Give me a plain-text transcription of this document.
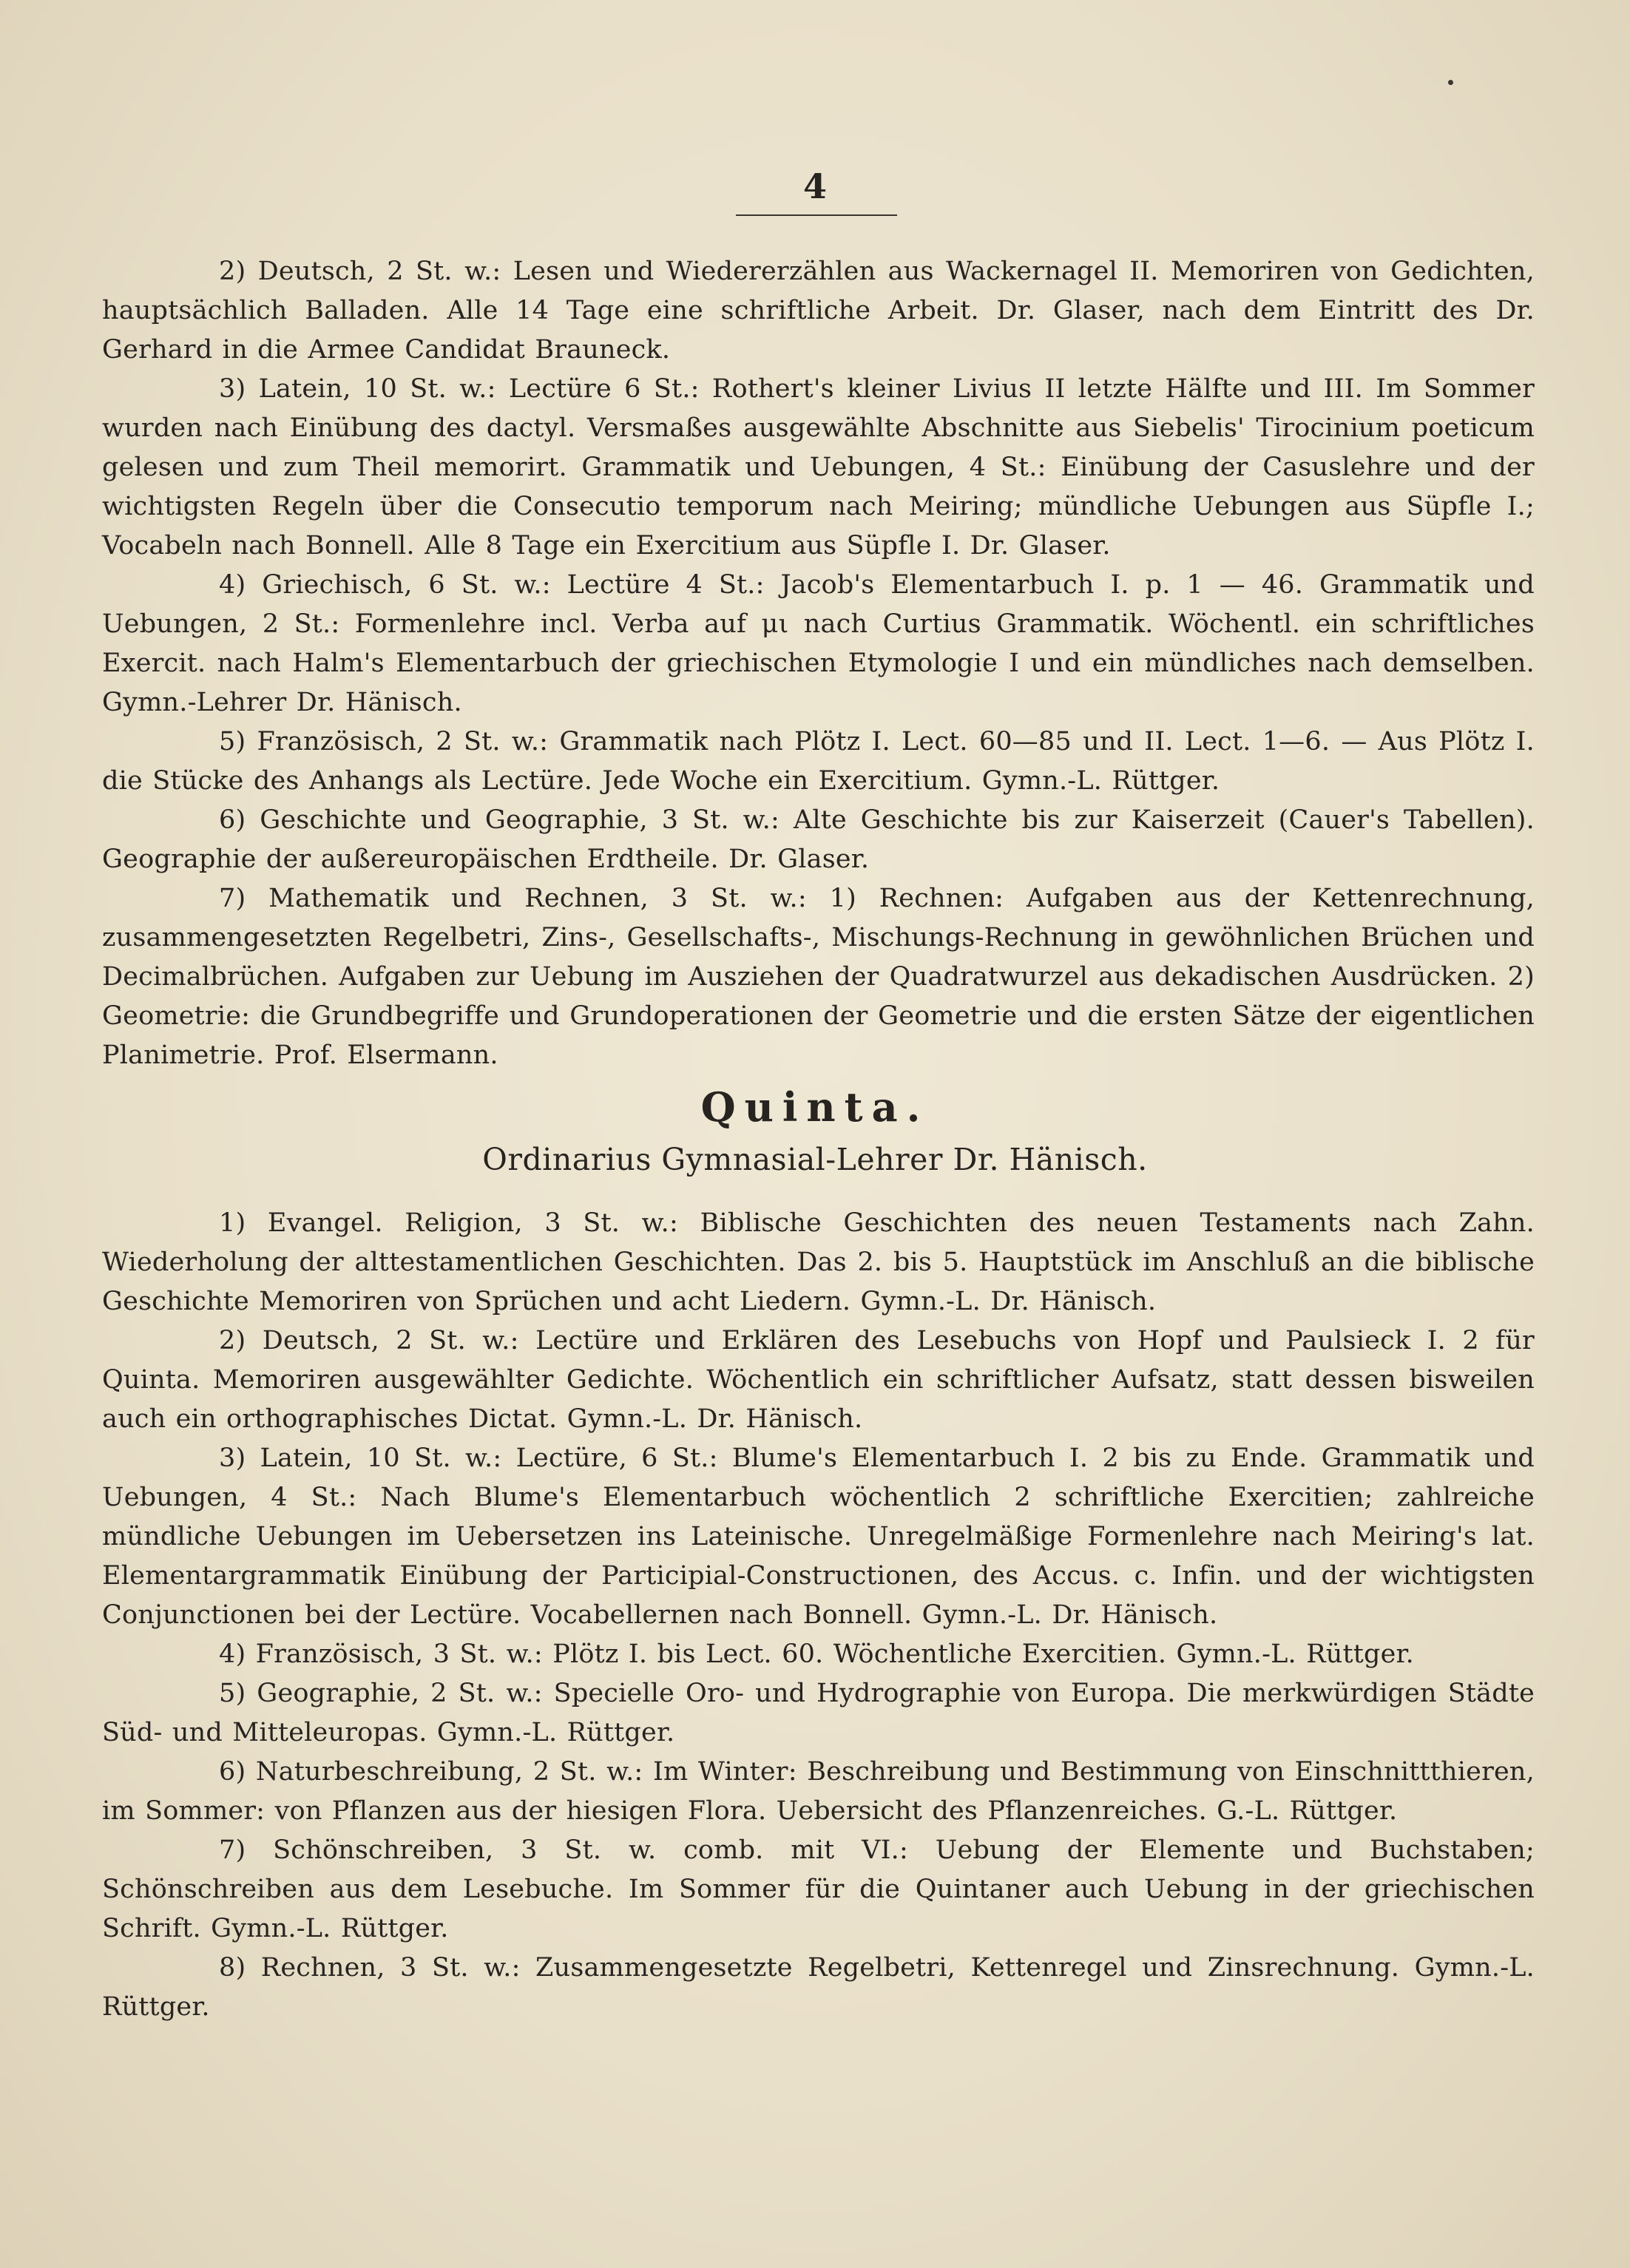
4

2) Deutsch, 2 St. w.: Lesen und Wiedererzählen aus Wackernagel II. Memoriren von Gedichten, hauptsächlich Balladen. Alle 14 Tage eine schriftliche Arbeit. Dr. Glaser, nach dem Eintritt des Dr. Gerhard in die Armee Candidat Brauneck.

3) Latein, 10 St. w.: Lectüre 6 St.: Rothert's kleiner Livius II letzte Hälfte und III. Im Sommer wurden nach Einübung des dactyl. Versmaßes ausgewählte Abschnitte aus Siebelis' Tirocinium poeticum gelesen und zum Theil memorirt. Grammatik und Uebungen, 4 St.: Einübung der Casuslehre und der wichtigsten Regeln über die Consecutio temporum nach Meiring; mündliche Uebungen aus Süpfle I.; Vocabeln nach Bonnell. Alle 8 Tage ein Exercitium aus Süpfle I. Dr. Glaser.

4) Griechisch, 6 St. w.: Lectüre 4 St.: Jacob's Elementarbuch I. p. 1 — 46. Grammatik und Uebungen, 2 St.: Formenlehre incl. Verba auf μι nach Curtius Grammatik. Wöchentl. ein schriftliches Exercit. nach Halm's Elementarbuch der griechischen Etymologie I und ein mündliches nach demselben. Gymn.-Lehrer Dr. Hänisch.

5) Französisch, 2 St. w.: Grammatik nach Plötz I. Lect. 60—85 und II. Lect. 1—6. — Aus Plötz I. die Stücke des Anhangs als Lectüre. Jede Woche ein Exercitium. Gymn.-L. Rüttger.

6) Geschichte und Geographie, 3 St. w.: Alte Geschichte bis zur Kaiserzeit (Cauer's Tabellen). Geographie der außereuropäischen Erdtheile. Dr. Glaser.

7) Mathematik und Rechnen, 3 St. w.: 1) Rechnen: Aufgaben aus der Kettenrechnung, zusammengesetzten Regelbetri, Zins-, Gesellschafts-, Mischungs-Rechnung in gewöhnlichen Brüchen und Decimalbrüchen. Aufgaben zur Uebung im Ausziehen der Quadratwurzel aus dekadischen Ausdrücken. 2) Geometrie: die Grundbegriffe und Grundoperationen der Geometrie und die ersten Sätze der eigentlichen Planimetrie. Prof. Elsermann.

Quinta.
Ordinarius Gymnasial-Lehrer Dr. Hänisch.

1) Evangel. Religion, 3 St. w.: Biblische Geschichten des neuen Testaments nach Zahn. Wiederholung der alttestamentlichen Geschichten. Das 2. bis 5. Hauptstück im Anschluß an die biblische Geschichte Memoriren von Sprüchen und acht Liedern. Gymn.-L. Dr. Hänisch.

2) Deutsch, 2 St. w.: Lectüre und Erklären des Lesebuchs von Hopf und Paulsieck I. 2 für Quinta. Memoriren ausgewählter Gedichte. Wöchentlich ein schriftlicher Aufsatz, statt dessen bisweilen auch ein orthographisches Dictat. Gymn.-L. Dr. Hänisch.

3) Latein, 10 St. w.: Lectüre, 6 St.: Blume's Elementarbuch I. 2 bis zu Ende. Grammatik und Uebungen, 4 St.: Nach Blume's Elementarbuch wöchentlich 2 schriftliche Exercitien; zahlreiche mündliche Uebungen im Uebersetzen ins Lateinische. Unregelmäßige Formenlehre nach Meiring's lat. Elementargrammatik Einübung der Participial-Constructionen, des Accus. c. Infin. und der wichtigsten Conjunctionen bei der Lectüre. Vocabellernen nach Bonnell. Gymn.-L. Dr. Hänisch.

4) Französisch, 3 St. w.: Plötz I. bis Lect. 60. Wöchentliche Exercitien. Gymn.-L. Rüttger.

5) Geographie, 2 St. w.: Specielle Oro- und Hydrographie von Europa. Die merkwürdigen Städte Süd- und Mitteleuropas. Gymn.-L. Rüttger.

6) Naturbeschreibung, 2 St. w.: Im Winter: Beschreibung und Bestimmung von Einschnittthieren, im Sommer: von Pflanzen aus der hiesigen Flora. Uebersicht des Pflanzenreiches. G.-L. Rüttger.

7) Schönschreiben, 3 St. w. comb. mit VI.: Uebung der Elemente und Buchstaben; Schönschreiben aus dem Lesebuche. Im Sommer für die Quintaner auch Uebung in der griechischen Schrift. Gymn.-L. Rüttger.

8) Rechnen, 3 St. w.: Zusammengesetzte Regelbetri, Kettenregel und Zinsrechnung. Gymn.-L. Rüttger.
